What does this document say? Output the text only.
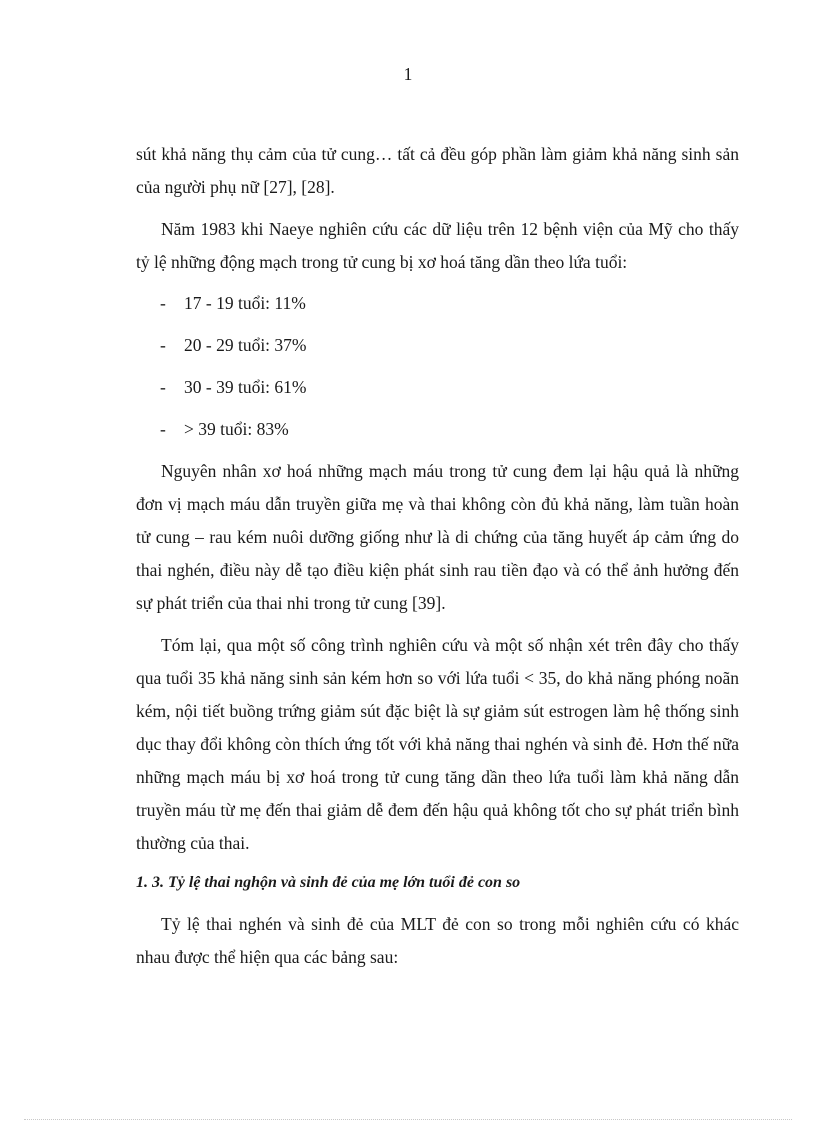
1

sút khả năng thụ cảm của tử cung… tất cả đều góp phần làm giảm khả năng sinh sản của người phụ nữ [27], [28].

Năm 1983 khi Naeye nghiên cứu các dữ liệu trên 12 bệnh viện của Mỹ cho thấy tỷ lệ những động mạch trong tử cung bị xơ hoá tăng dần theo lứa tuổi:

- 17 - 19 tuổi: 11%
- 20 - 29 tuổi: 37%
- 30 - 39 tuổi: 61%
- > 39 tuổi: 83%

Nguyên nhân xơ hoá những mạch máu trong tử cung đem lại hậu quả là những đơn vị mạch máu dẫn truyền giữa mẹ và thai không còn đủ khả năng, làm tuần hoàn tử cung – rau kém nuôi dưỡng giống như là di chứng của tăng huyết áp cảm ứng do thai nghén, điều này dễ tạo điều kiện phát sinh rau tiền đạo và có thể ảnh hưởng đến sự phát triển của thai nhi trong tử cung [39].

Tóm lại, qua một số công trình nghiên cứu và một số nhận xét trên đây cho thấy qua tuổi 35 khả năng sinh sản kém hơn so với lứa tuổi < 35, do khả năng phóng noãn kém, nội tiết buồng trứng giảm sút đặc biệt là sự giảm sút estrogen làm hệ thống sinh dục thay đổi không còn thích ứng tốt với khả năng thai nghén và sinh đẻ. Hơn thế nữa những mạch máu bị xơ hoá trong tử cung tăng dần theo lứa tuổi làm khả năng dẫn truyền máu từ mẹ đến thai giảm dễ đem đến hậu quả không tốt cho sự phát triển bình thường của thai.

1. 3. Tỷ lệ thai nghộn và sinh đẻ của mẹ lớn tuổi đẻ con so

Tỷ lệ thai nghén và sinh đẻ của MLT đẻ con so trong mỗi nghiên cứu có khác nhau được thể hiện qua các bảng sau:
